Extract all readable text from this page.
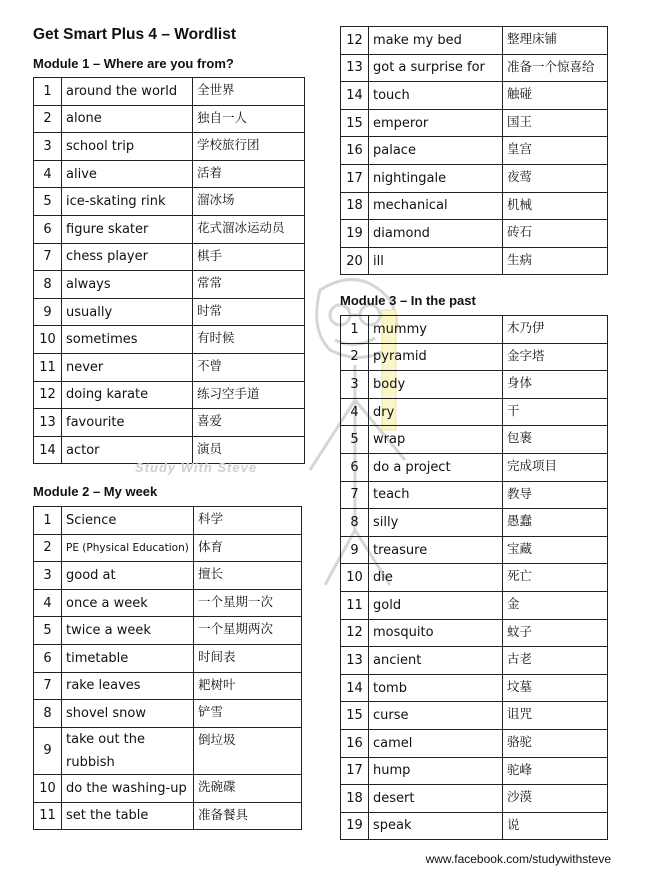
Get Smart Plus 4 – Wordlist
Module 1 – Where are you from?
1	around the world	全世界
2	alone	独自一人
3	school trip	学校旅行团
4	alive	活着
5	ice-skating rink	溜冰场
6	figure skater	花式溜冰运动员
7	chess player	棋手
8	always	常常
9	usually	时常
10	sometimes	有时候
11	never	不曾
12	doing karate	练习空手道
13	favourite	喜爱
14	actor	演员
Study With Steve
Module 2 – My week
1	Science	科学
2	PE (Physical Education)	体育
3	good at	擅长
4	once a week	一个星期一次
5	twice a week	一个星期两次
6	timetable	时间表
7	rake leaves	耙树叶
8	shovel snow	铲雪
9	take out the rubbish	倒垃圾
10	do the washing-up	洗碗碟
11	set the table	准备餐具
12	make my bed	整理床铺
13	got a surprise for	准备一个惊喜给
14	touch	触碰
15	emperor	国王
16	palace	皇宫
17	nightingale	夜莺
18	mechanical	机械
19	diamond	砖石
20	ill	生病
Module 3 – In the past
1	mummy	木乃伊
2	pyramid	金字塔
3	body	身体
4	dry	干
5	wrap	包裹
6	do a project	完成项目
7	teach	教导
8	silly	愚蠢
9	treasure	宝藏
10	die	死亡
11	gold	金
12	mosquito	蚊子
13	ancient	古老
14	tomb	坟墓
15	curse	诅咒
16	camel	骆驼
17	hump	驼峰
18	desert	沙漠
19	speak	说
www.facebook.com/studywithsteve
